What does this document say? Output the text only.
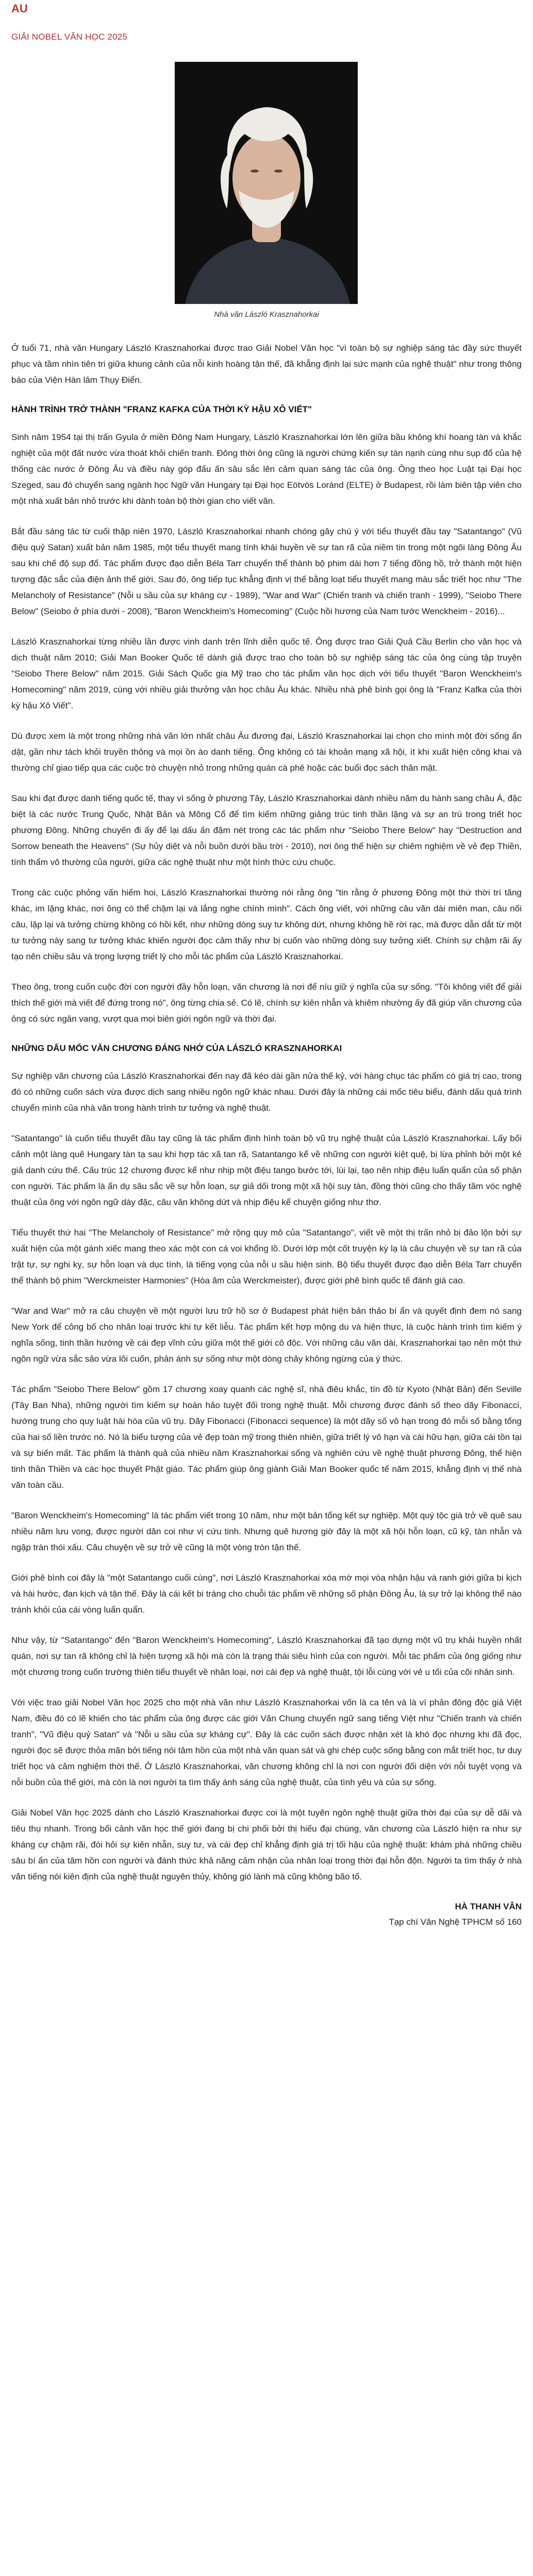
AU
GIẢI NOBEL VĂN HỌC 2025
Nhà văn László Krasznahorkai

Ở tuổi 71, nhà văn Hungary László Krasznahorkai được trao Giải Nobel Văn học "vì toàn bộ sự nghiệp sáng tác đầy sức thuyết phục và tầm nhìn tiên tri giữa khung cảnh của nỗi kinh hoàng tận thế, đã khẳng định lại sức mạnh của nghệ thuật" như trong thông báo của Viện Hàn lâm Thụy Điển.

HÀNH TRÌNH TRỞ THÀNH "FRANZ KAFKA CỦA THỜI KỲ HẬU XÔ VIẾT"

Sinh năm 1954 tại thị trấn Gyula ở miền Đông Nam Hungary, László Krasznahorkai lớn lên giữa bầu không khí hoang tàn và khắc nghiệt của một đất nước vừa thoát khỏi chiến tranh. Đông thời ông cũng là người chứng kiến sự tàn nạnh cùng nhu sụp đổ của hệ thống các nước ở Đông Âu và điều này góp đấu ấn sâu sắc lên cảm quan sáng tác của ông. Ông theo học Luật tại Đại học Szeged, sau đó chuyển sang ngành học Ngữ văn Hungary tại Đại học Eötvös Loránd (ELTE) ở Budapest, rồi làm biên tập viên cho một nhà xuất bản nhỏ trước khi dành toàn bộ thời gian cho viết văn.

Bắt đầu sáng tác từ cuối thập niên 1970, László Krasznahorkai nhanh chóng gây chú ý với tiểu thuyết đầu tay "Satantango" (Vũ điệu quỷ Satan) xuất bản năm 1985, một tiểu thuyết mang tính khái huyền về sự tan rã của niềm tin trong một ngôi làng Đông Âu sau khi chế độ sụp đổ. Tác phẩm được đạo diễn Béla Tarr chuyển thể thành bộ phim dài hơn 7 tiếng đồng hồ, trở thành một hiện tượng đặc sắc của điện ảnh thế giới. Sau đó, ông tiếp tục khẳng định vị thế bằng loạt tiểu thuyết mang màu sắc triết học như "The Melancholy of Resistance" (Nỗi u sầu của sự kháng cự - 1989), "War and War" (Chiến tranh và chiến tranh - 1999), "Seiobo There Below" (Seiobo ở phía dưới - 2008), "Baron Wenckheim's Homecoming" (Cuộc hồi hương của Nam tước Wenckheim - 2016)...

László Krasznahorkai từng nhiều lần được vinh danh trên lĩnh diễn quốc tế. Ông được trao Giải Quả Cầu Berlin cho văn học và dịch thuật năm 2010; Giải Man Booker Quốc tế dành giả được trao cho toàn bộ sự nghiệp sáng tác của ông cùng tập truyện "Seiobo There Below" năm 2015. Giải Sách Quốc gia Mỹ trao cho tác phẩm văn học dịch với tiểu thuyết "Baron Wenckheim's Homecoming" năm 2019, cùng với nhiều giải thưởng văn học châu Âu khác. Nhiều nhà phê bình gọi ông là "Franz Kafka của thời kỳ hậu Xô Viết".

Dù được xem là một trong những nhà văn lớn nhất châu Âu đương đại, László Krasznahorkai lại chọn cho mình một đời sống ẩn dật, gần như tách khỏi truyền thông và mọi ồn ào danh tiếng. Ông không có tài khoản mạng xã hội, ít khi xuất hiện công khai và thường chỉ giao tiếp qua các cuộc trò chuyện nhỏ trong những quán cà phê hoặc các buổi đọc sách thân mật.

Sau khi đạt được danh tiếng quốc tế, thay vì sống ở phương Tây, László Krasznahorkai dành nhiều năm du hành sang châu Á, đặc biệt là các nước Trung Quốc, Nhật Bản và Mông Cổ để tìm kiếm những giảng trúc tinh thần lặng và sự an trú trong triết học phương Đông. Những chuyến đi ấy để lại dấu ấn đậm nét trong các tác phẩm như "Seiobo There Below" hay "Destruction and Sorrow beneath the Heavens" (Sự hủy diệt và nỗi buồn dưới bầu trời - 2010), nơi ông thể hiện sự chiêm nghiệm về vẻ đẹp Thiền, tính thẩm vô thường của người, giữa các nghệ thuật như một hình thức cứu chuộc.

Trong các cuộc phỏng vấn hiếm hoi, László Krasznahorkai thường nói rằng ông "tin rằng ở phương Đông một thứ thời trí tăng khác, im lặng khác, nơi ông có thể chậm lại và lắng nghe chính mình". Cách ông viết, với những câu văn dài miên man, câu nối câu, lặp lại và tưởng chừng không có hồi kết, như những dòng suy tư không dứt, nhưng không hề rời rạc, mà được dẫn dắt từ một tư tưởng này sang tư tưởng khác khiến người đọc cảm thấy như bị cuốn vào những dòng suy tưởng xiết. Chính sự chậm rãi ấy tạo nên chiều sâu và trọng lượng triết lý cho mỗi tác phẩm của László Krasznahorkai.

Theo ông, trong cuốn cuộc đời con người đầy hỗn loạn, văn chương là nơi để níu giữ ý nghĩa của sự sống. "Tôi không viết để giải thích thế giới mà viết để đứng trong nó", ông từng chia sẻ. Có lẽ, chính sự kiên nhẫn và khiêm nhường ấy đã giúp văn chương của ông có sức ngân vang, vượt qua mọi biên giới ngôn ngữ và thời đại.

NHỮNG DẤU MỐC VĂN CHƯƠNG ĐÁNG NHỚ CỦA LÁSZLÓ KRASZNAHORKAI

Sự nghiệp văn chương của László Krasznahorkai đến nay đã kéo dài gần nửa thế kỷ, với hàng chục tác phẩm có giá trị cao, trong đó có những cuốn sách vừa được dịch sang nhiều ngôn ngữ khác nhau. Dưới đây là những cái mốc tiêu biểu, đánh dấu quá trình chuyển mình của nhà văn trong hành trình tư tưởng và nghệ thuật.

"Satantango" là cuốn tiểu thuyết đầu tay cũng là tác phẩm định hình toàn bộ vũ trụ nghệ thuật của László Krasznahorkai. Lấy bối cảnh một làng quê Hungary tàn tạ sau khi hợp tác xã tan rã, Satantango kể về những con người kiệt quệ, bị lừa phỉnh bởi một kẻ giả danh cứu thế. Cấu trúc 12 chương được kể như nhịp một điệu tango bước tới, lùi lại, tạo nên nhịp điệu luẩn quẩn của số phận con người. Tác phẩm là ẩn dụ sâu sắc về sự hỗn loạn, sự giả dối trong một xã hội suy tàn, đồng thời cũng cho thấy tầm vóc nghệ thuật của ông với ngôn ngữ dày đặc, câu văn không dứt và nhịp điệu kể chuyện giống như thơ.

Tiểu thuyết thứ hai "The Melancholy of Resistance" mở rộng quy mô của "Satantango", viết về một thị trấn nhỏ bị đảo lộn bởi sự xuất hiện của một gánh xiếc mang theo xác một con cá voi khổng lồ. Dưới lớp một cốt truyện kỳ lạ là câu chuyện về sự tan rã của trật tự, sự nghi kỵ, sự hỗn loạn và dục tính, là tiếng vọng của nỗi u sầu hiện sinh. Bộ tiểu thuyết được đạo diễn Béla Tarr chuyển thể thành bộ phim "Werckmeister Harmonies" (Hòa âm của Werckmeister), được giới phê bình quốc tế đánh giá cao.

"War and War" mở ra câu chuyện về một người lưu trữ hồ sơ ở Budapest phát hiện bản thảo bí ẩn và quyết định đem nó sang New York để công bố cho nhân loại trước khi tự kết liễu. Tác phẩm kết hợp mộng du và hiện thực, là cuộc hành trình tìm kiếm ý nghĩa sống, tinh thần hướng về cái đẹp vĩnh cửu giữa một thế giới cô độc. Với những câu văn dài, Krasznahorkai tạo nên một thứ ngôn ngữ vừa sắc sảo vừa lôi cuốn, phản ánh sự sống như một dòng chảy không ngừng của ý thức.

Tác phẩm "Seiobo There Below" gồm 17 chương xoay quanh các nghệ sĩ, nhà điêu khắc, tín đồ từ Kyoto (Nhật Bản) đến Seville (Tây Ban Nha), những người tìm kiếm sự hoàn hảo tuyệt đối trong nghệ thuật. Mỗi chương được đánh số theo dãy Fibonacci, hướng trung cho quy luật hài hòa của vũ trụ. Dãy Fibonacci (Fibonacci sequence) là một dãy số vô hạn trong đó mỗi số bằng tổng của hai số liền trước nó. Nó là biểu tượng của vẻ đẹp toàn mỹ trong thiên nhiên, giữa triết lý vô hạn và cái hữu hạn, giữa cái tồn tại và sự biến mất. Tác phẩm là thành quả của nhiều năm Krasznahorkai sống và nghiên cứu về nghệ thuật phương Đông, thể hiện tinh thần Thiền và các học thuyết Phật giáo. Tác phẩm giúp ông giành Giải Man Booker quốc tế năm 2015, khẳng định vị thế nhà văn toàn cầu.

"Baron Wenckheim's Homecoming" là tác phẩm viết trong 10 năm, như một bản tổng kết sự nghiệp. Một quý tộc già trở về quê sau nhiều năm lưu vong, được người dân coi như vị cứu tinh. Nhưng quê hương giờ đây là một xã hội hỗn loạn, cũ kỹ, tàn nhẫn và ngập tràn thói xấu. Câu chuyện về sự trở về cũng là một vòng tròn tận thế.

Giới phê bình coi đây là "một Satantango cuối cùng", nơi László Krasznahorkai xóa mờ mọi vòa nhận hậu và ranh giới giữa bi kịch và hài hước, đan kịch và tận thế. Đây là cái kết bi tráng cho chuỗi tác phẩm về những số phận Đông Âu, là sự trở lại không thể nào tránh khỏi của cái vòng luẩn quẩn.

Như vậy, từ "Satantango" đến "Baron Wenckheim's Homecoming", László Krasznahorkai đã tạo dựng một vũ trụ khải huyền nhất quán, nơi sự tan rã không chỉ là hiện tượng xã hội mà còn là trạng thái siêu hình của con người. Mỗi tác phẩm của ông giống như một chương trong cuốn trường thiên tiểu thuyết về nhân loại, nơi cái đẹp và nghệ thuật, tội lỗi cùng với vẻ u tối của cõi nhân sinh.

Với việc trao giải Nobel Văn học 2025 cho một nhà văn như László Krasznahorkai vốn là ca tên và là vì phản đông độc giả Việt Nam, điều đó có lẽ khiến cho tác phẩm của ông được các giới Văn Chung chuyển ngữ sang tiếng Việt như "Chiến tranh và chiến tranh", "Vũ điệu quỷ Satan" và "Nỗi u sầu của sự kháng cự". Đây là các cuốn sách được nhận xét là khó đọc nhưng khi đã đọc, người đọc sẽ được thỏa mãn bởi tiếng nói tâm hồn của một nhà văn quan sát và ghi chép cuộc sống bằng con mắt triết học, tư duy triết học và cảm nghiệm thời thế. Ở László Krasznahorkai, văn chương không chỉ là nơi con người đối diện với nỗi tuyệt vọng và nỗi buồn của thế giới, mà còn là nơi người ta tìm thấy ánh sáng của nghệ thuật, của tình yêu và của sự sống.

Giải Nobel Văn học 2025 dành cho László Krasznahorkai được coi là một tuyên ngôn nghệ thuật giữa thời đại của sự dễ dãi và tiêu thụ nhanh. Trong bối cảnh văn học thế giới đang bị chi phối bởi thị hiếu đại chúng, văn chương của László hiện ra như sự kháng cự chậm rãi, đòi hỏi sự kiên nhẫn, suy tư, và cái đẹp chỉ khẳng định giá trị tối hậu của nghệ thuật: khám phá những chiều sâu bí ẩn của tâm hồn con người và đánh thức khả năng cảm nhận của nhân loại trong thời đại hỗn độn. Người ta tìm thấy ở nhà văn tiếng nói kiên định của nghệ thuật nguyên thủy, không gió lành mà cũng không bão tố.

HÀ THANH VÂN
Tạp chí Văn Nghệ TPHCM số 160
